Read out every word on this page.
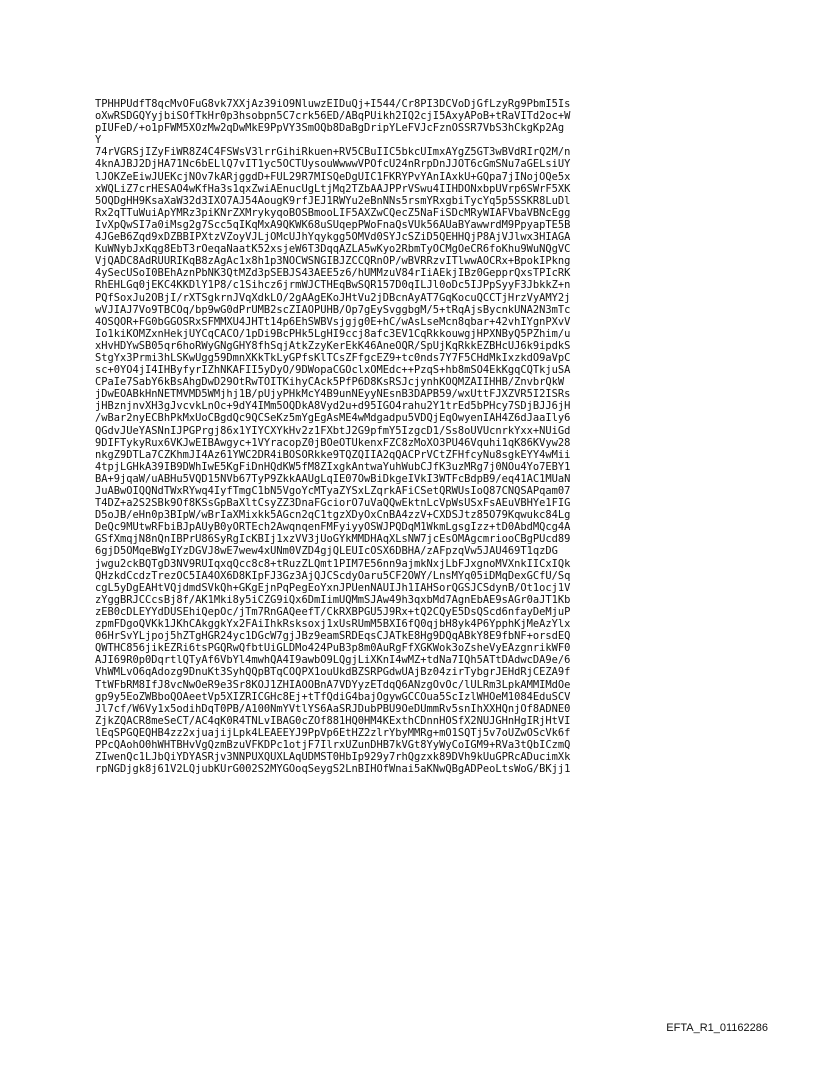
TPHHPUdfT8qcMvOFuG8vk7XXjAz39iO9NluwzEIDuQj+I544/Cr8PI3DCVoDjGfLzyRg9PbmI5Is
oXwRSDGQYyjbiSOfTkHr0p3hsobpn5C7crk56ED/ABqPUikh2IQ2cjI5AxyAPoB+tRaVITd2oc+W
pIUFeD/+o1pFWM5XOzMw2qDwMkE9PpVY3SmOQb8DaBgDripYLeFVJcFznOSSR7VbS3hCkgKp2Ag
Y
74rVGRSjIZyFiWR8Z4C4FSWsV3lrrGihiRkuen+RV5CBuIIC5bkcUImxAYgZ5GT3wBVdRIrQ2M/n
4knAJBJ2DjHA71Nc6bELlQ7vIT1yc5OCTUysouWwwwVPOfcU24nRrpDnJJOT6cGmSNu7aGELsiUY
lJOKZeEiwJUEKcjNOv7kARjggdD+FUL29R7MISQeDgUIC1FKRYPvYAnIAxkU+GQpa7jINojOQe5x
xWQLiZ7crHESAO4wKfHa3s1qxZwiAEnucUgLtjMq2TZbAAJPPrVSwu4IIHDONxbpUVrp6SWrF5XK
5OQDgHH9KsaXaW32d3IXO7AJ54AougK9rfJEJ1RWYu2eBnNNs5rsmYRxgbiTycYq5p5SSKR8LuDl
Rx2qTTuWuiApYMRz3piKNrZXMrykyqoBOSBmooLIF5AXZwCQecZ5NaFiSDcMRyWIAFVbaVBNcEgg
IvXpQwSI7a0iMsg2g7Scc5qIKqMxA9QKWK68uSUqepPWoFnaQsVUk56AUaBYawwrdM9PpyapTE5B
4JGeB6Zqd9xDZBBIPXtzVZoyVJLjOMcUJhYqykgg5OMVd0SYJcSZiD5QEHHQjP8AjVJlwx3HIAGA
KuWNybJxKqg8EbT3rOeqaNaatK52xsjeW6T3DqqAZLA5wKyo2RbmTyOCMgOeCR6foKhu9WuNQgVC
VjQADC8AdRUURIKqB8zAgAc1x8h1p3NOCWSNGIBJZCCQRnOP/wBVRRzvITlwwAOCRx+BpokIPkng
4ySecUSoI0BEhAznPbNK3QtMZd3pSEBJS43AEE5z6/hUMMzuV84rIiAEkjIBz0GepprQxsTPIcRK
RhEHLGq0jEKC4KKDlY1P8/c1Sihcz6jrmWJCTHEqBwSQR157D0qILJl0oDc5IJPpSyyF3JbkkZ+n
PQfSoxJu2OBjI/rXTSgkrnJVqXdkLO/2gAAgEKoJHtVu2jDBcnAyAT7GqKocuQCCTjHrzVyAMY2j
wVJIAJ7Vo9TBCOq/bp9wG0dPrUMB2scZIAOPUHB/Op7gEySvggbgM/5+tRqAjsBycnkUNA2N3mTc
4OSQOR+FG0bGGOSRxSFMMXU4JHTt14p6EhSWBVsjgjg0E+hC/wAsLseMcn8qbar+42vhIYgnPXvV
Io1kiKOMZxnHekjUYCqCACO/1pDi9BcPHk5LgHI9ccj8afc3EV1CqRkkouwgjHPXNByQ5PZhim/u
xHvHDYwSB05qr6hoRWyGNgGHY8fhSqjAtkZzyKerEkK46AneOQR/SpUjKqRkkEZBHcUJ6k9ipdkS
StgYx3Prmi3hLSKwUgg59DmnXKkTkLyGPfsKlTCsZFfgcEZ9+tc0nds7Y7F5CHdMkIxzkdO9aVpC
sc+0YO4jI4IHByfyrIZhNKAFII5yDyO/9DWopaCGOclxOMEdc++PzqS+hb8mSO4EkKgqCQTkjuSA
CPaIe7SabY6kBsAhgDwD29OtRwTOITKihyCAck5PfP6D8KsRSJcjynhKOQMZAIIHHB/ZnvbrQkW
jDwEOABkHnNETMVMD5WMjhj1B/pUjyPHkMcY4B9unNEyyNEsnB3DAPB59/wxUttFJXZVR5I2ISRs
jHBznjnvXH3gJvcvkLnOc+9dY4IMm5OQDkA8Vyd2u+d95IGO4rahu2Y1trEd5bPHcy7SDjBJJ6jH
/wBar2nyECBhPkMxUoCBgdQc9QCSeKz5mYgEgAsME4wMdgadpu5VDQjEqOwyenIAH4Z6dJaaIly6
QGdvJUeYASNnIJPGPrgj86x1YIYCXYkHv2z1FXbtJ2G9pfmY5IzgcD1/Ss8oUVUcnrkYxx+NUiGd
9DIFTykyRux6VKJwEIBAwgyc+1VYracopZ0jBOeOTUkenxFZC8zMoXO3PU46Vquhi1qK86KVyw28
nkgZ9DTLa7CZKhmJI4Az61YWC2DR4iBOSORkke9TQZQIIA2qQACPrVCtZFHfcyNu8sgkEYY4wMii
4tpjLGHkA39IB9DWhIwE5KgFiDnHQdKW5fM8ZIxgkAntwaYuhWubCJfK3uzMRg7j0NOu4Yo7EBY1
BA+9jqaW/uABHu5VQD15NVb67TyP9ZkkAAUgLqIE07OwBiDkgeIVkI3WTFcBdpB9/eq41AC1MUaN
JuABwOIQQNdTWxRYwq4IyfTmgC1bN5VgoYcMTyaZYSxLZqrkAFiCSetQRWUsIoQ87CNQSAPqam07
T4DZ+a2S2SBk9Of8KSsGpBaXltCsyZZ3DnaFGciorO7uVaQQwEktnLcVpWsUSxFsAEuVBHYe1FIG
D5oJB/eHn0p3BIpW/wBrIaXMixkk5AGcn2qC1tgzXDyOxCnBA4zzV+CXDSJtz85O79Kqwukc84Lg
DeQc9MUtwRFbiBJpAUyB0yORTEch2AwqnqenFMFyiyyOSWJPQDqM1WkmLgsgIzz+tD0AbdMQcg4A
GSfXmqjN8nQnIBPrU86SyRgIcKBIj1xzVV3jUoGYkMMDHAqXLsNW7jcEsOMAgcmriooCBgPUcd89
6gjD5OMqeBWgIYzDGVJ8wE7wew4xUNm0VZD4gjQLEUIcOSX6DBHA/zAFpzqVw5JAU469T1qzDG
jwgu2ckBQTgD3NV9RUIqxqQcc8c8+tRuzZLQmt1PIM7E56nn9ajmkNxjLbFJxgnoMVXnkIICxIQk
QHzkdCcdzTrezOC5IA4OX6D8KIpFJ3Gz3AjQJCScdyOaru5CF2OWY/LnsMYq05iDMqDexGCfU/Sq
cgL5yDgEAHtVQjdmdSVkQh+GKgEjnPqPegEoYxnJPUenNAUIJh1IAHSorQGSJCSdynB/Ot1ocj1V
zYggBRJCCcsBj8f/AK1Mki8y5iCZG9iQx6DmIimUQMmSJAw49h3qxbMd7AgnEbAE9sAGr0aJT1Kb
zEB0cDLEYYdDUSEhiQepOc/jTm7RnGAQeefT/CkRXBPGU5J9Rx+tQ2CQyE5DsQScd6nfayDeMjuP
zpmFDgoQVKk1JKhCAkggkYx2FAiIhkRsksoxj1xUsRUmM5BXI6fQ0qjbH8yk4P6YpphKjMeAzYlx
06HrSvYLjpoj5hZTgHGR24yc1DGcW7gjJBz9eamSRDEqsCJATkE8Hg9DQqABkY8E9fbNF+orsdEQ
QWTHC856jikEZRi6tsPGQRwQfbtUiGLDMo424PuB3p8m0AuRgFfXGKWok3oZsheVyEAzgnrikWF0
AJI69R0p0DqrtlQTyAf6VbYl4mwhQA4I9awbO9LQgjLiXKnI4wMZ+tdNa7IQh5ATtDAdwcDA9e/6
VhWMLvO6qAdozg9DnuKt3SyhQQpBTqCOQPX1ouUkdBZSRPGdwUAjBz04zirTybgrJEHdRjCEZA9f
TtWFbRM8IfJ8vcNwOeR9e3Sr8KOJ1ZHIAOOBnA7VDYyzETdqQ6ANzgOvOc/lULRm3LpkAMMIMdOe
gp9y5EoZWBboQOAeetVp5XIZRICGHc8Ej+tTfQdiG4bajOgywGCCOua5ScIzlWHOeM1084EduSCV
Jl7cf/W6Vy1x5odihDqT0PB/A100NmYVtlYS6AaSRJDubPBU9OeDUmmRv5snIhXXHQnjOf8ADNE0
ZjkZQACR8meSeCT/AC4qK0R4TNLvIBAG0cZOf881HQ0HM4KExthCDnnHOSfX2NUJGHnHgIRjHtVI
lEqSPGQEQHB4zz2xjuajijLpk4LEAEEYJ9PpVp6EtHZ2zlrYbyMMRg+mO1SQTj5v7oUZwOScVk6f
PPcQAohO0hWHTBHvVgQzmBzuVFKDPc1otjF7IlrxUZunDHB7kVGt8YyWyCoIGM9+RVa3tQbICzmQ
ZIwenQc1LJbQiYDYASRjv3NNPUXQUXLAqUDMST0HbIp929y7rhQgzxk89DVh9kUuGPRcADucimXk
rpNGDjgk8j61V2LQjubKUrG002S2MYGOoqSeygS2LnBIHOfWnai5aKNwQBgADPeoLtsWoG/BKjj1
EFTA_R1_01162286
